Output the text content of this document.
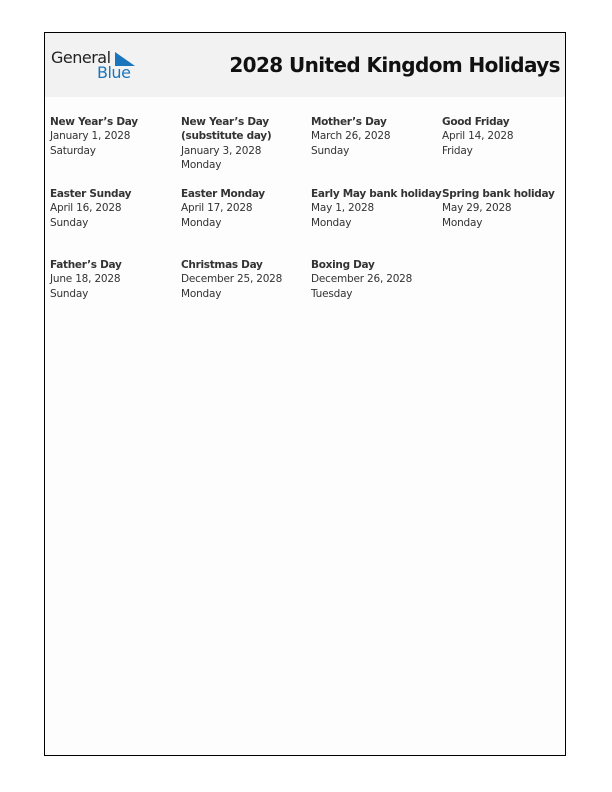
General
Blue	2028 United Kingdom Holidays
New Year’s Day
January 1, 2028
Saturday
New Year’s Day
(substitute day)
January 3, 2028
Monday
Mother’s Day
March 26, 2028
Sunday
Good Friday
April 14, 2028
Friday
Easter Sunday
April 16, 2028
Sunday
Easter Monday
April 17, 2028
Monday
Early May bank holiday
May 1, 2028
Monday
Spring bank holiday
May 29, 2028
Monday
Father’s Day
June 18, 2028
Sunday
Christmas Day
December 25, 2028
Monday
Boxing Day
December 26, 2028
Tuesday
